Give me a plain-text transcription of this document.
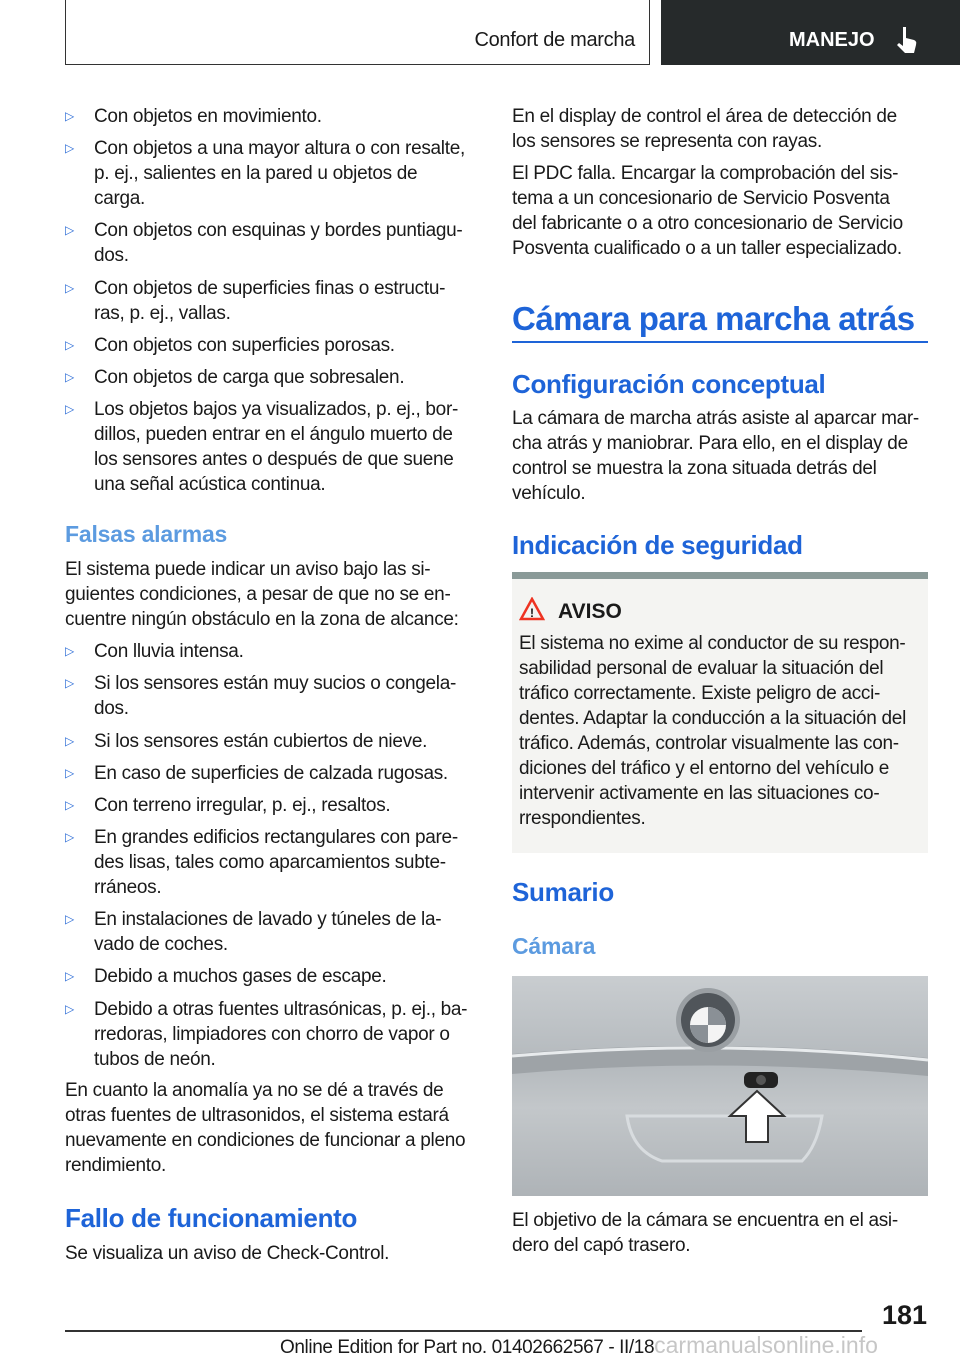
Confort de marcha	MANEJO
▷ Con objetos en movimiento.
▷ Con objetos a una mayor altura o con resalte,
p. ej., salientes en la pared u objetos de
carga.
▷ Con objetos con esquinas y bordes puntiagu-
dos.
▷ Con objetos de superficies finas o estructu-
ras, p. ej., vallas.
▷ Con objetos con superficies porosas.
▷ Con objetos de carga que sobresalen.
▷ Los objetos bajos ya visualizados, p. ej., bor-
dillos, pueden entrar en el ángulo muerto de
los sensores antes o después de que suene
una señal acústica continua.
Falsas alarmas
El sistema puede indicar un aviso bajo las si-
guientes condiciones, a pesar de que no se en-
cuentre ningún obstáculo en la zona de alcance:
▷ Con lluvia intensa.
▷ Si los sensores están muy sucios o congela-
dos.
▷ Si los sensores están cubiertos de nieve.
▷ En caso de superficies de calzada rugosas.
▷ Con terreno irregular, p. ej., resaltos.
▷ En grandes edificios rectangulares con pare-
des lisas, tales como aparcamientos subte-
rráneos.
▷ En instalaciones de lavado y túneles de la-
vado de coches.
▷ Debido a muchos gases de escape.
▷ Debido a otras fuentes ultrasónicas, p. ej., ba-
rredoras, limpiadores con chorro de vapor o
tubos de neón.
En cuanto la anomalía ya no se dé a través de
otras fuentes de ultrasonidos, el sistema estará
nuevamente en condiciones de funcionar a pleno
rendimiento.
Fallo de funcionamiento
Se visualiza un aviso de Check-Control.
En el display de control el área de detección de
los sensores se representa con rayas.
El PDC falla. Encargar la comprobación del sis-
tema a un concesionario de Servicio Posventa
del fabricante o a otro concesionario de Servicio
Posventa cualificado o a un taller especializado.
Cámara para marcha atrás
Configuración conceptual
La cámara de marcha atrás asiste al aparcar mar-
cha atrás y maniobrar. Para ello, en el display de
control se muestra la zona situada detrás del
vehículo.
Indicación de seguridad
! AVISO
El sistema no exime al conductor de su respon-
sabilidad personal de evaluar la situación del
tráfico correctamente. Existe peligro de acci-
dentes. Adaptar la conducción a la situación del
tráfico. Además, controlar visualmente las con-
diciones del tráfico y el entorno del vehículo e
intervenir activamente en las situaciones co-
rrespondientes.
Sumario
Cámara
El objetivo de la cámara se encuentra en el asi-
dero del capó trasero.
181
Online Edition for Part no. 01402662567 - II/18carmanualsonline.info
